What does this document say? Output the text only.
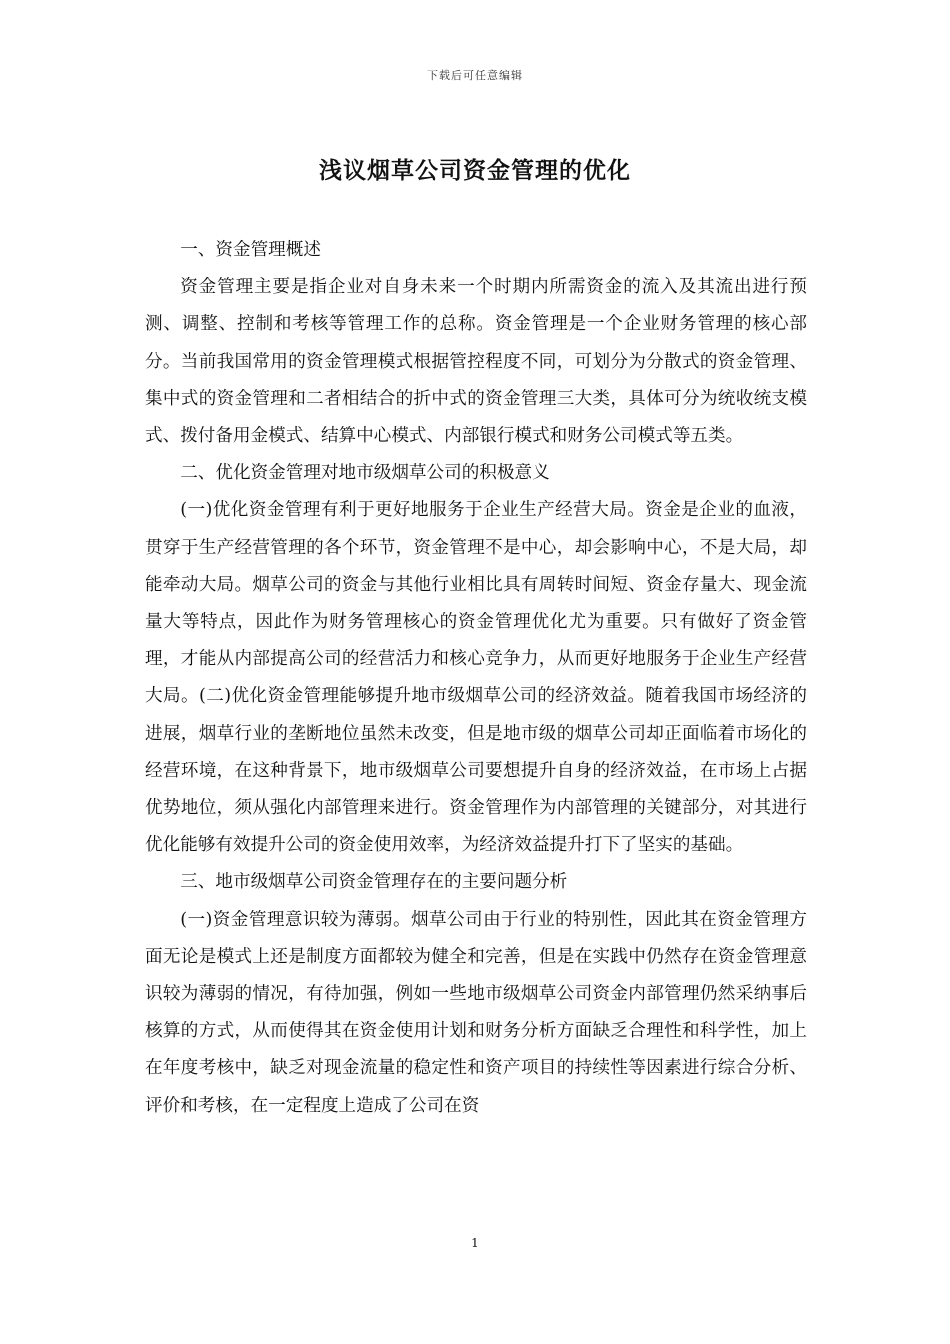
下载后可任意编辑
浅议烟草公司资金管理的优化

一、资金管理概述

资金管理主要是指企业对自身未来一个时期内所需资金的流入及其流出进行预测、调整、控制和考核等管理工作的总称。资金管理是一个企业财务管理的核心部分。当前我国常用的资金管理模式根据管控程度不同，可划分为分散式的资金管理、集中式的资金管理和二者相结合的折中式的资金管理三大类，具体可分为统收统支模式、拨付备用金模式、结算中心模式、内部银行模式和财务公司模式等五类。

二、优化资金管理对地市级烟草公司的积极意义

(一)优化资金管理有利于更好地服务于企业生产经营大局。资金是企业的血液，贯穿于生产经营管理的各个环节，资金管理不是中心，却会影响中心，不是大局，却能牵动大局。烟草公司的资金与其他行业相比具有周转时间短、资金存量大、现金流量大等特点，因此作为财务管理核心的资金管理优化尤为重要。只有做好了资金管理，才能从内部提高公司的经营活力和核心竞争力，从而更好地服务于企业生产经营大局。(二)优化资金管理能够提升地市级烟草公司的经济效益。随着我国市场经济的进展，烟草行业的垄断地位虽然未改变，但是地市级的烟草公司却正面临着市场化的经营环境，在这种背景下，地市级烟草公司要想提升自身的经济效益，在市场上占据优势地位，须从强化内部管理来进行。资金管理作为内部管理的关键部分，对其进行优化能够有效提升公司的资金使用效率，为经济效益提升打下了坚实的基础。

三、地市级烟草公司资金管理存在的主要问题分析

(一)资金管理意识较为薄弱。烟草公司由于行业的特别性，因此其在资金管理方面无论是模式上还是制度方面都较为健全和完善，但是在实践中仍然存在资金管理意识较为薄弱的情况，有待加强，例如一些地市级烟草公司资金内部管理仍然采纳事后核算的方式，从而使得其在资金使用计划和财务分析方面缺乏合理性和科学性，加上在年度考核中，缺乏对现金流量的稳定性和资产项目的持续性等因素进行综合分析、评价和考核，在一定程度上造成了公司在资

1
